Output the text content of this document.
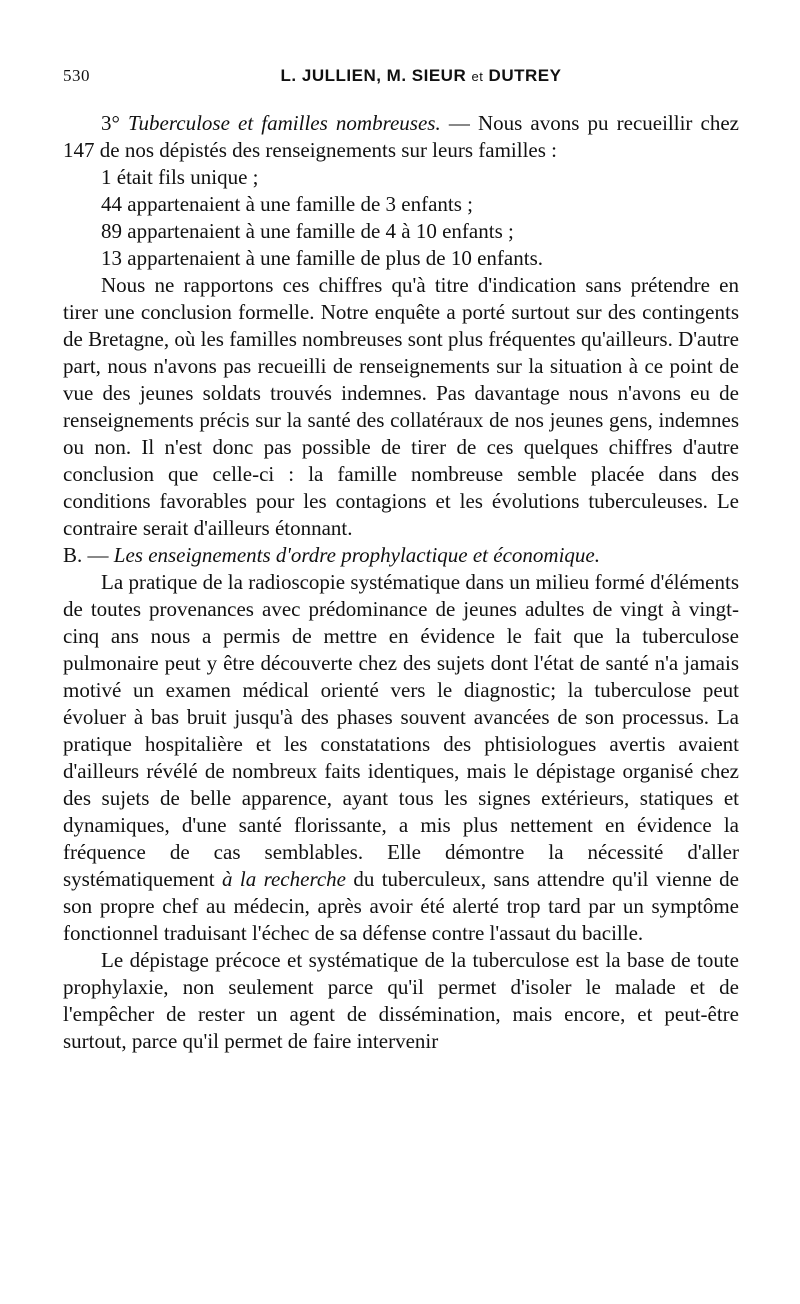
530	L. JULLIEN, M. SIEUR et DUTREY

3° Tuberculose et familles nombreuses. — Nous avons pu recueillir chez 147 de nos dépistés des renseignements sur leurs familles :

1 était fils unique ;

44 appartenaient à une famille de 3 enfants ;

89 appartenaient à une famille de 4 à 10 enfants ;

13 appartenaient à une famille de plus de 10 enfants.

Nous ne rapportons ces chiffres qu'à titre d'indication sans prétendre en tirer une conclusion formelle. Notre enquête a porté surtout sur des contingents de Bretagne, où les familles nombreuses sont plus fréquentes qu'ailleurs. D'autre part, nous n'avons pas recueilli de renseignements sur la situation à ce point de vue des jeunes soldats trouvés indemnes. Pas davantage nous n'avons eu de renseignements précis sur la santé des collatéraux de nos jeunes gens, indemnes ou non. Il n'est donc pas possible de tirer de ces quelques chiffres d'autre conclusion que celle-ci : la famille nombreuse semble placée dans des conditions favorables pour les contagions et les évolutions tuberculeuses. Le contraire serait d'ailleurs étonnant.

B. — Les enseignements d'ordre prophylactique et économique.

La pratique de la radioscopie systématique dans un milieu formé d'éléments de toutes provenances avec prédominance de jeunes adultes de vingt à vingt-cinq ans nous a permis de mettre en évidence le fait que la tuberculose pulmonaire peut y être découverte chez des sujets dont l'état de santé n'a jamais motivé un examen médical orienté vers le diagnostic; la tuberculose peut évoluer à bas bruit jusqu'à des phases souvent avancées de son processus. La pratique hospitalière et les constatations des phtisiologues avertis avaient d'ailleurs révélé de nombreux faits identiques, mais le dépistage organisé chez des sujets de belle apparence, ayant tous les signes extérieurs, statiques et dynamiques, d'une santé florissante, a mis plus nettement en évidence la fréquence de cas semblables. Elle démontre la nécessité d'aller systématiquement à la recherche du tuberculeux, sans attendre qu'il vienne de son propre chef au médecin, après avoir été alerté trop tard par un symptôme fonctionnel traduisant l'échec de sa défense contre l'assaut du bacille.

Le dépistage précoce et systématique de la tuberculose est la base de toute prophylaxie, non seulement parce qu'il permet d'isoler le malade et de l'empêcher de rester un agent de dissémination, mais encore, et peut-être surtout, parce qu'il permet de faire intervenir
